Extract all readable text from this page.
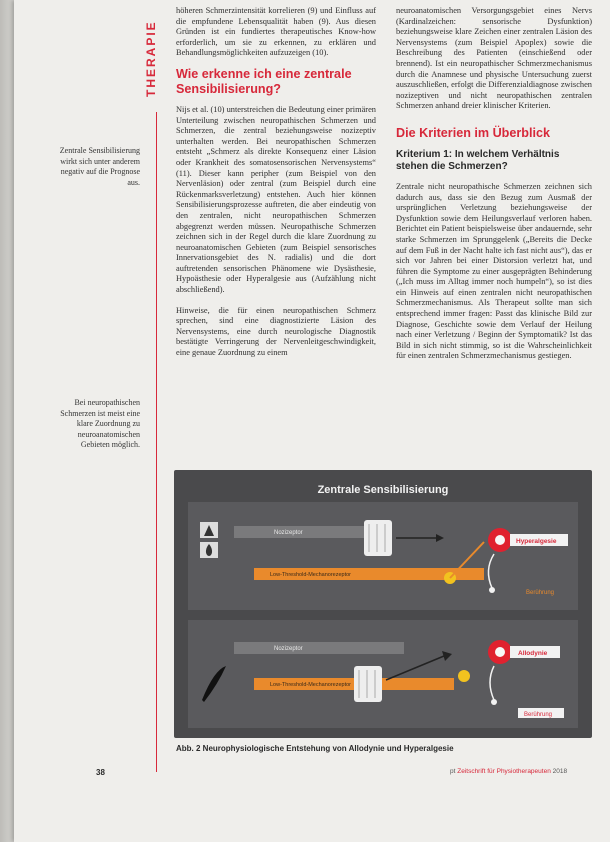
THERAPIE
Zentrale Sensibilisierung wirkt sich unter anderem negativ auf die Prognose aus.
Bei neuropathischen Schmerzen ist meist eine klare Zuordnung zu neuroanatomischen Gebieten möglich.

höheren Schmerzintensität korrelieren (9) und Einfluss auf die empfundene Lebensqualität haben (9). Aus diesen Gründen ist ein fundiertes therapeutisches Know-how erforderlich, um sie zu erkennen, zu erklären und Behandlungsmöglichkeiten aufzuzeigen (10).

Wie erkenne ich eine zentrale Sensibilisierung?

Nijs et al. (10) unterstreichen die Bedeutung einer primären Unterteilung zwischen neuropathischen Schmerzen und Schmerzen, die zentral beziehungsweise nozizeptiv unterhalten werden. Bei neuropathischen Schmerzen entsteht „Schmerz als direkte Konsequenz einer Läsion oder Krankheit des somatosensorischen Nervensystems“ (11). Dieser kann peripher (zum Beispiel von den Nervenläsion) oder zentral (zum Beispiel durch eine Rückenmarksverletzung) entstehen. Auch hier können Sensibilisierungsprozesse auftreten, die aber eindeutig von den zentralen, nicht neuropathischen Schmerzen abgegrenzt werden müssen. Neuropathische Schmerzen zeichnen sich in der Regel durch die klare Zuordnung zu neuroanatomischen Gebieten (zum Beispiel sensorisches Innervationsgebiet des N. radialis) und die dort auftretenden sensorischen Phänomene wie Dysästhesie, Hypoästhesie oder Hyperalgesie aus (Aufzählung nicht abschließend).

Hinweise, die für einen neuropathischen Schmerz sprechen, sind eine diagnostizierte Läsion des Nervensystems, eine durch neurologische Diagnostik bestätigte Verringerung der Nervenleitgeschwindigkeit, eine genaue Zuordnung zu einem

neuroanatomischen Versorgungsgebiet eines Nervs (Kardinalzeichen: sensorische Dysfunktion) beziehungsweise klare Zeichen einer zentralen Läsion des Nervensystems (zum Beispiel Apoplex) sowie die Beschreibung des Patienten (einschießend oder brennend). Ist ein neuropathischer Schmerzmechanismus durch die Anamnese und physische Untersuchung zuerst auszuschließen, erfolgt die Differenzialdiagnose zwischen nozizeptiven und nicht neuropathischen zentralen Schmerzen anhand dreier klinischer Kriterien.

Die Kriterien im Überblick
Kriterium 1: In welchem Verhältnis stehen die Schmerzen?

Zentrale nicht neuropathische Schmerzen zeichnen sich dadurch aus, dass sie den Bezug zum Ausmaß der ursprünglichen Verletzung beziehungsweise der Dysfunktion sowie dem Heilungsverlauf verloren haben. Berichtet ein Patient beispielsweise über andauernde, sehr starke Schmerzen im Sprunggelenk („Bereits die Decke auf dem Fuß in der Nacht halte ich fast nicht aus“), das er sich vor Jahren bei einer Distorsion verletzt hat, und führen die Symptome zu einer ausgeprägten Behinderung („Ich muss im Alltag immer noch humpeln“), so ist dies ein Hinweis auf einen zentralen nicht neuropathischen Schmerzmechanismus. Als Therapeut sollte man sich entsprechend immer fragen: Passt das klinische Bild zur Diagnose, Geschichte sowie dem Verlauf der Heilung nach einer Verletzung / Beginn der Symptomatik? Ist das Bild in sich nicht stimmig, so ist die Wahrscheinlichkeit für einen zentralen Schmerzmechanismus gestiegen.

Zentrale Sensibilisierung
Nozizeptor
Low-Threshold-Mechanorezeptor
Hyperalgesie
Berührung
Nozizeptor
Low-Threshold-Mechanorezeptor
Allodynie
Berührung
Abb. 2 Neurophysiologische Entstehung von Allodynie und Hyperalgesie
38	pt Zeitschrift für Physiotherapeuten 2018
